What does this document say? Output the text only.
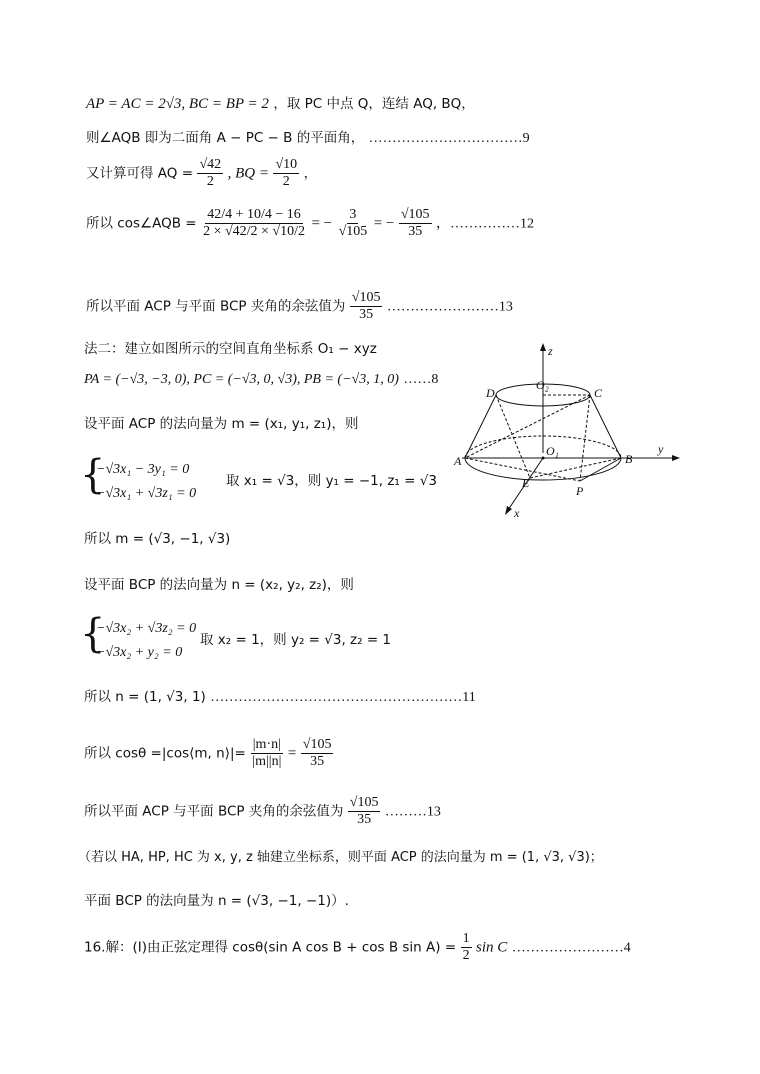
AP = AC = 2√3, BC = BP = 2 ，取 PC 中点 Q，连结 AQ, BQ，
则∠AQB 即为二面角 A − PC − B 的平面角， ……………………………9
又计算可得 AQ = $\frac{√42}{2}$ , BQ = $\frac{√10}{2}$ ，
所以 cos∠AQB = $\frac{42/4 + 10/4 - 16}{2 \times √42/2 \times √10/2}$ = − $\frac{3}{√105}$ = − $\frac{√105}{35}$ ，……………12
所以平面 ACP 与平面 BCP 夹角的余弦值为 $\frac{√105}{35}$ ……………………13
法二：建立如图所示的空间直角坐标系 O₁ − xyz
PA = (−√3, −3, 0), PC = (−√3, 0, √3), PB = (−√3, 1, 0) ……8
设平面 ACP 的法向量为 m = (x₁, y₁, z₁)，则
{
−√3x₁ − 3y₁ = 0
−√3x₁ + √3z₁ = 0
取 x₁ = √3，则 y₁ = −1, z₁ = √3
所以 m = (√3, −1, √3)
设平面 BCP 的法向量为 n = (x₂, y₂, z₂)，则
{
−√3x₂ + √3z₂ = 0
−√3x₂ + y₂ = 0
取 x₂ = 1，则 y₂ = √3, z₂ = 1
所以 n = (1, √3, 1) ………………………………………………11
所以 cosθ =|cos⟨m, n⟩|= $\frac{|m\cdot n|}{|m||n|} = \frac{√105}{35}$
所以平面 ACP 与平面 BCP 夹角的余弦值为 $\frac{√105}{35}$ ………13
（若以 HA, HP, HC 为 x, y, z 轴建立坐标系，则平面 ACP 的法向量为 m = (1, √3, √3)；
平面 BCP 的法向量为 n = (√3, −1, −1)）.
16.解：(I)由正弦定理得 cosθ(sin A cos B + cos B $\sin A) = \frac{1}{2}$ sin C ……………………4
z
y
x
D
O₂
C
A
O₁
B
E
P
